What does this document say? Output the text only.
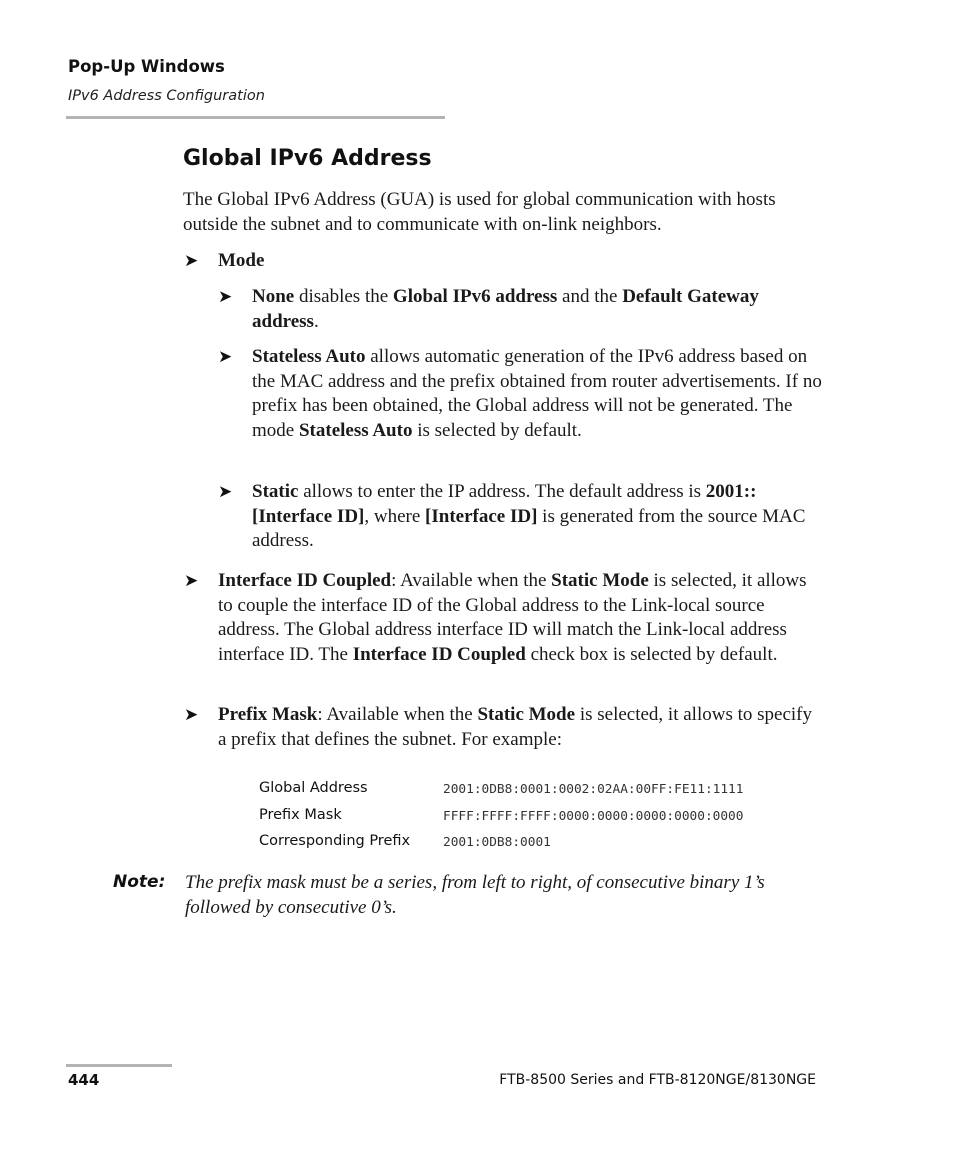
Pop-Up Windows
IPv6 Address Configuration
Global IPv6 Address

The Global IPv6 Address (GUA) is used for global communication with hosts outside the subnet and to communicate with on-link neighbors.

➤ Mode
➤ None disables the Global IPv6 address and the Default Gateway address.
➤ Stateless Auto allows automatic generation of the IPv6 address based on the MAC address and the prefix obtained from router advertisements. If no prefix has been obtained, the Global address will not be generated. The mode Stateless Auto is selected by default.
➤ Static allows to enter the IP address. The default address is 2001::[Interface ID], where [Interface ID] is generated from the source MAC address.
➤ Interface ID Coupled: Available when the Static Mode is selected, it allows to couple the interface ID of the Global address to the Link-local source address. The Global address interface ID will match the Link-local address interface ID. The Interface ID Coupled check box is selected by default.
➤ Prefix Mask: Available when the Static Mode is selected, it allows to specify a prefix that defines the subnet. For example:
Global Address	2001:0DB8:0001:0002:02AA:00FF:FE11:1111
Prefix Mask	FFFF:FFFF:FFFF:0000:0000:0000:0000:0000
Corresponding Prefix	2001:0DB8:0001
Note: The prefix mask must be a series, from left to right, of consecutive binary 1’s followed by consecutive 0’s.
444	FTB-8500 Series and FTB-8120NGE/8130NGE
